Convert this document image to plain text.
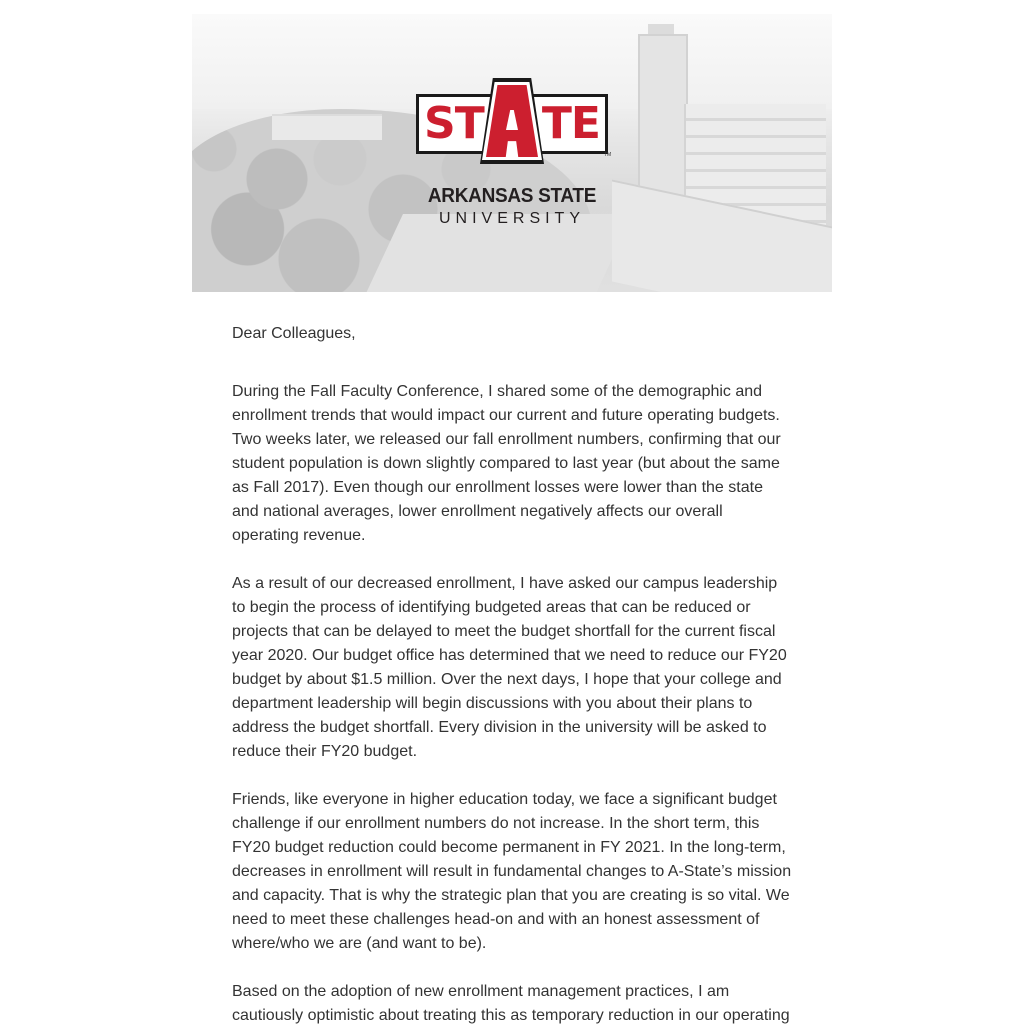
ST TE
TM
ARKANSAS STATE
UNIVERSITY

Dear Colleagues,

During the Fall Faculty Conference, I shared some of the demographic and enrollment trends that would impact our current and future operating budgets. Two weeks later, we released our fall enrollment numbers, confirming that our student population is down slightly compared to last year (but about the same as Fall 2017). Even though our enrollment losses were lower than the state and national averages, lower enrollment negatively affects our overall operating revenue.

As a result of our decreased enrollment, I have asked our campus leadership to begin the process of identifying budgeted areas that can be reduced or projects that can be delayed to meet the budget shortfall for the current fiscal year 2020. Our budget office has determined that we need to reduce our FY20 budget by about $1.5 million. Over the next days, I hope that your college and department leadership will begin discussions with you about their plans to address the budget shortfall. Every division in the university will be asked to reduce their FY20 budget.

Friends, like everyone in higher education today, we face a significant budget challenge if our enrollment numbers do not increase. In the short term, this FY20 budget reduction could become permanent in FY 2021. In the long-term, decreases in enrollment will result in fundamental changes to A-State’s mission and capacity. That is why the strategic plan that you are creating is so vital. We need to meet these challenges head-on and with an honest assessment of where/who we are (and want to be).

Based on the adoption of new enrollment management practices, I am cautiously optimistic about treating this as temporary reduction in our operating
